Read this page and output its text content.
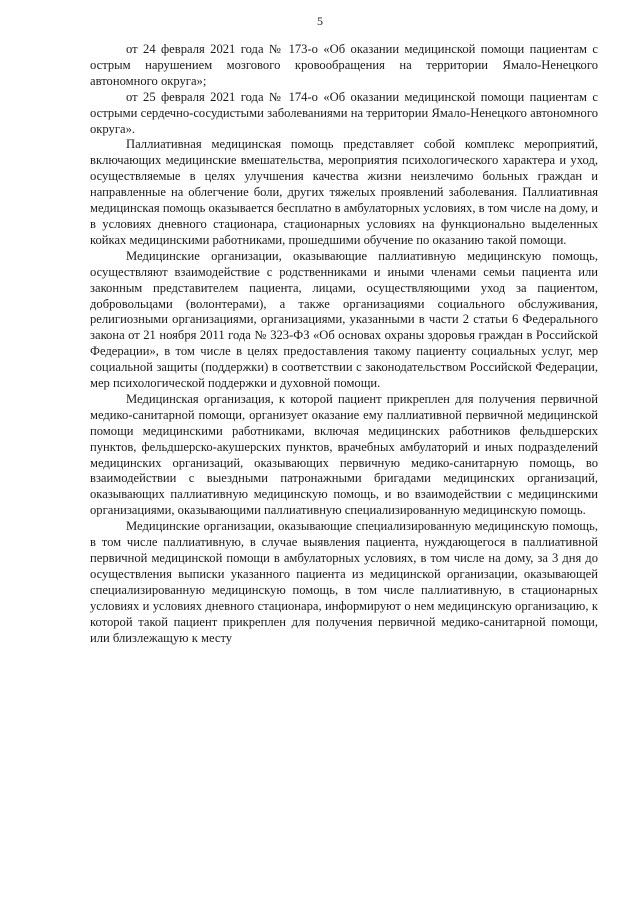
5

от 24 февраля 2021 года № 173-о «Об оказании медицинской помощи пациентам с острым нарушением мозгового кровообращения на территории Ямало-Ненецкого автономного округа»;

от 25 февраля 2021 года № 174-о «Об оказании медицинской помощи пациентам с острыми сердечно-сосудистыми заболеваниями на территории Ямало-Ненецкого автономного округа».

Паллиативная медицинская помощь представляет собой комплекс мероприятий, включающих медицинские вмешательства, мероприятия психологического характера и уход, осуществляемые в целях улучшения качества жизни неизлечимо больных граждан и направленные на облегчение боли, других тяжелых проявлений заболевания. Паллиативная медицинская помощь оказывается бесплатно в амбулаторных условиях, в том числе на дому, и в условиях дневного стационара, стационарных условиях на функционально выделенных койках медицинскими работниками, прошедшими обучение по оказанию такой помощи.

Медицинские организации, оказывающие паллиативную медицинскую помощь, осуществляют взаимодействие с родственниками и иными членами семьи пациента или законным представителем пациента, лицами, осуществляющими уход за пациентом, добровольцами (волонтерами), а также организациями социального обслуживания, религиозными организациями, организациями, указанными в части 2 статьи 6 Федерального закона от 21 ноября 2011 года № 323-ФЗ «Об основах охраны здоровья граждан в Российской Федерации», в том числе в целях предоставления такому пациенту социальных услуг, мер социальной защиты (поддержки) в соответствии с законодательством Российской Федерации, мер психологической поддержки и духовной помощи.

Медицинская организация, к которой пациент прикреплен для получения первичной медико-санитарной помощи, организует оказание ему паллиативной первичной медицинской помощи медицинскими работниками, включая медицинских работников фельдшерских пунктов, фельдшерско-акушерских пунктов, врачебных амбулаторий и иных подразделений медицинских организаций, оказывающих первичную медико-санитарную помощь, во взаимодействии с выездными патронажными бригадами медицинских организаций, оказывающих паллиативную медицинскую помощь, и во взаимодействии с медицинскими организациями, оказывающими паллиативную специализированную медицинскую помощь.

Медицинские организации, оказывающие специализированную медицинскую помощь, в том числе паллиативную, в случае выявления пациента, нуждающегося в паллиативной первичной медицинской помощи в амбулаторных условиях, в том числе на дому, за 3 дня до осуществления выписки указанного пациента из медицинской организации, оказывающей специализированную медицинскую помощь, в том числе паллиативную, в стационарных условиях и условиях дневного стационара, информируют о нем медицинскую организацию, к которой такой пациент прикреплен для получения первичной медико-санитарной помощи, или близлежащую к месту
